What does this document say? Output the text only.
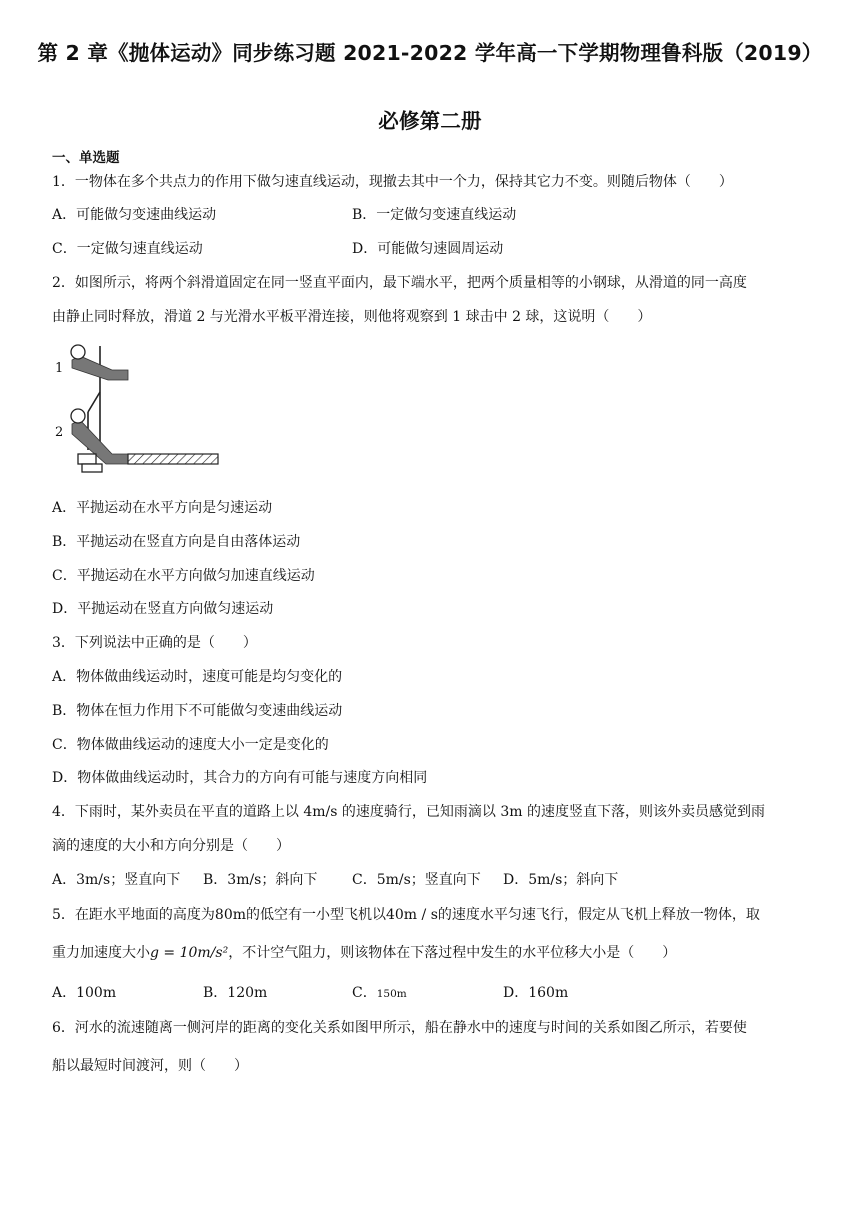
第 2 章《抛体运动》同步练习题 2021-2022 学年高一下学期物理鲁科版（2019）
必修第二册
一、单选题
1．一物体在多个共点力的作用下做匀速直线运动，现撤去其中一个力，保持其它力不变。则随后物体（　　）
A．可能做匀变速曲线运动	B．一定做匀变速直线运动
C．一定做匀速直线运动	D．可能做匀速圆周运动
2．如图所示，将两个斜滑道固定在同一竖直平面内，最下端水平，把两个质量相等的小钢球，从滑道的同一高度
由静止同时释放，滑道 2 与光滑水平板平滑连接，则他将观察到 1 球击中 2 球，这说明（　　）
1
2
A．平抛运动在水平方向是匀速运动
B．平抛运动在竖直方向是自由落体运动
C．平抛运动在水平方向做匀加速直线运动
D．平抛运动在竖直方向做匀速运动
3．下列说法中正确的是（　　）
A．物体做曲线运动时，速度可能是均匀变化的
B．物体在恒力作用下不可能做匀变速曲线运动
C．物体做曲线运动的速度大小一定是变化的
D．物体做曲线运动时，其合力的方向有可能与速度方向相同
4．下雨时，某外卖员在平直的道路上以 4m/s 的速度骑行，已知雨滴以 3m 的速度竖直下落，则该外卖员感觉到雨
滴的速度的大小和方向分别是（　　）
A．3m/s；竖直向下 B．3m/s；斜向下 C．5m/s；竖直向下 D．5m/s；斜向下
5．在距水平地面的高度为80m的低空有一小型飞机以40m / s的速度水平匀速飞行，假定从飞机上释放一物体，取
重力加速度大小g = 10m/s²，不计空气阻力，则该物体在下落过程中发生的水平位移大小是（　　）
A．100m	B．120m	C．150m	D．160m
6．河水的流速随离一侧河岸的距离的变化关系如图甲所示，船在静水中的速度与时间的关系如图乙所示，若要使
船以最短时间渡河，则（　　）
